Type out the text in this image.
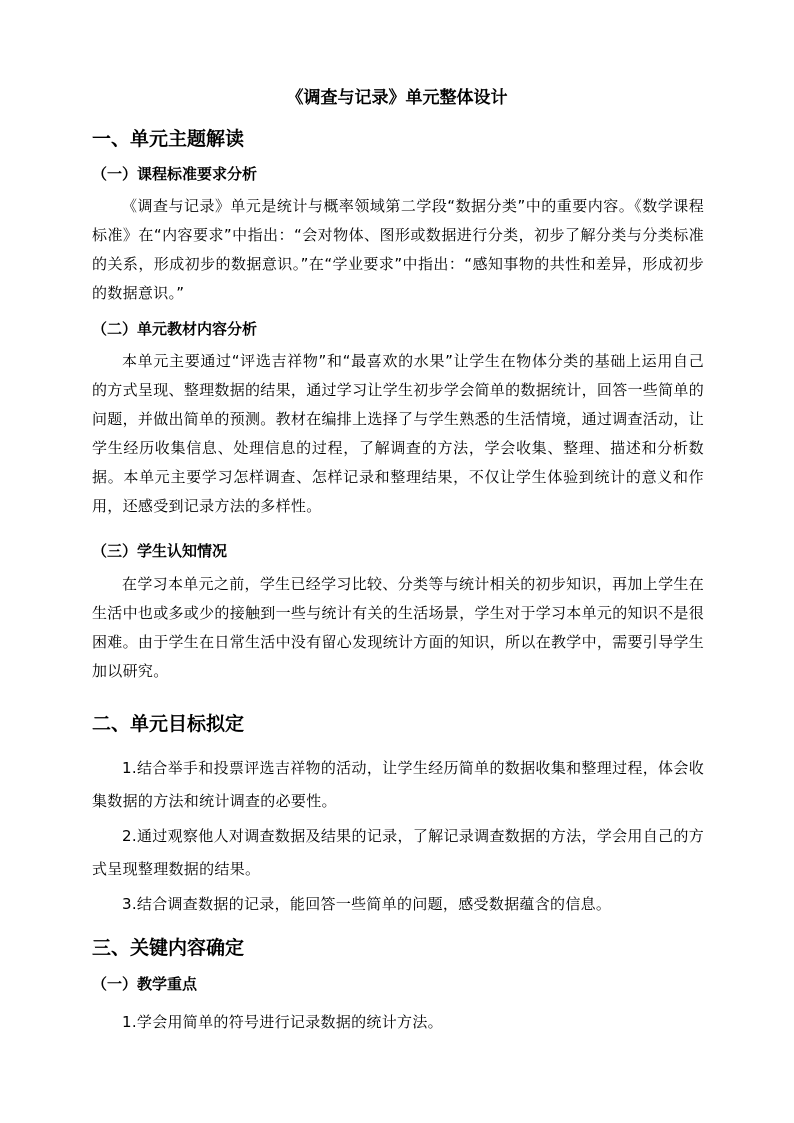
《调查与记录》单元整体设计
一、单元主题解读
（一）课程标准要求分析

《调查与记录》单元是统计与概率领域第二学段“数据分类”中的重要内容。《数学课程标准》在“内容要求”中指出：“会对物体、图形或数据进行分类，初步了解分类与分类标准的关系，形成初步的数据意识。”在“学业要求”中指出：“感知事物的共性和差异，形成初步的数据意识。”

（二）单元教材内容分析

本单元主要通过“评选吉祥物”和“最喜欢的水果”让学生在物体分类的基础上运用自己的方式呈现、整理数据的结果，通过学习让学生初步学会简单的数据统计，回答一些简单的问题，并做出简单的预测。教材在编排上选择了与学生熟悉的生活情境，通过调查活动，让学生经历收集信息、处理信息的过程，了解调查的方法，学会收集、整理、描述和分析数据。本单元主要学习怎样调查、怎样记录和整理结果，不仅让学生体验到统计的意义和作用，还感受到记录方法的多样性。

（三）学生认知情况

在学习本单元之前，学生已经学习比较、分类等与统计相关的初步知识，再加上学生在生活中也或多或少的接触到一些与统计有关的生活场景，学生对于学习本单元的知识不是很困难。由于学生在日常生活中没有留心发现统计方面的知识，所以在教学中，需要引导学生加以研究。

二、单元目标拟定

1.结合举手和投票评选吉祥物的活动，让学生经历简单的数据收集和整理过程，体会收集数据的方法和统计调查的必要性。

2.通过观察他人对调查数据及结果的记录，了解记录调查数据的方法，学会用自己的方式呈现整理数据的结果。

3.结合调查数据的记录，能回答一些简单的问题，感受数据蕴含的信息。

三、关键内容确定
（一）教学重点

1.学会用简单的符号进行记录数据的统计方法。
